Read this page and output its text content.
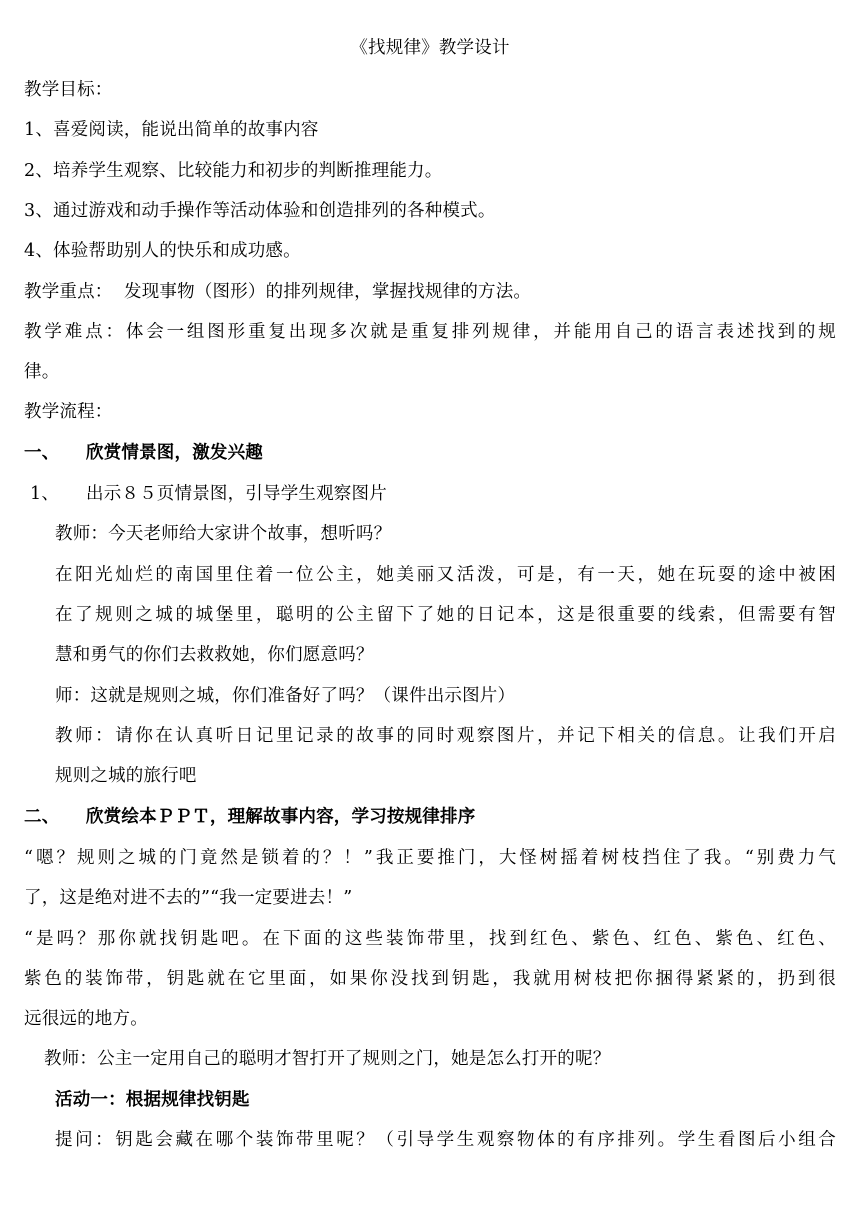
《找规律》教学设计
教学目标：
1、喜爱阅读，能说出简单的故事内容
2、培养学生观察、比较能力和初步的判断推理能力。
3、通过游戏和动手操作等活动体验和创造排列的各种模式。
4、体验帮助别人的快乐和成功感。
教学重点：  发现事物（图形）的排列规律，掌握找规律的方法。
教学难点：体会一组图形重复出现多次就是重复排列规律，并能用自己的语言表述找到的规
律。
教学流程：
一、 欣赏情景图，激发兴趣
1、 出示８５页情景图，引导学生观察图片
教师：今天老师给大家讲个故事，想听吗？
在阳光灿烂的南国里住着一位公主，她美丽又活泼，可是，有一天，她在玩耍的途中被困
在了规则之城的城堡里，聪明的公主留下了她的日记本，这是很重要的线索，但需要有智
慧和勇气的你们去救救她，你们愿意吗？
师：这就是规则之城，你们准备好了吗？（课件出示图片）
教师：请你在认真听日记里记录的故事的同时观察图片，并记下相关的信息。让我们开启
规则之城的旅行吧
二、 欣赏绘本ＰＰＴ，理解故事内容，学习按规律排序
“嗯？规则之城的门竟然是锁着的？！”我正要推门，大怪树摇着树枝挡住了我。“别费力气
了，这是绝对进不去的”“我一定要进去！”
“是吗？那你就找钥匙吧。在下面的这些装饰带里，找到红色、紫色、红色、紫色、红色、
紫色的装饰带，钥匙就在它里面，如果你没找到钥匙，我就用树枝把你捆得紧紧的，扔到很
远很远的地方。
教师：公主一定用自己的聪明才智打开了规则之门，她是怎么打开的呢？
活动一：根据规律找钥匙
提问：钥匙会藏在哪个装饰带里呢？（引导学生观察物体的有序排列。学生看图后小组合
